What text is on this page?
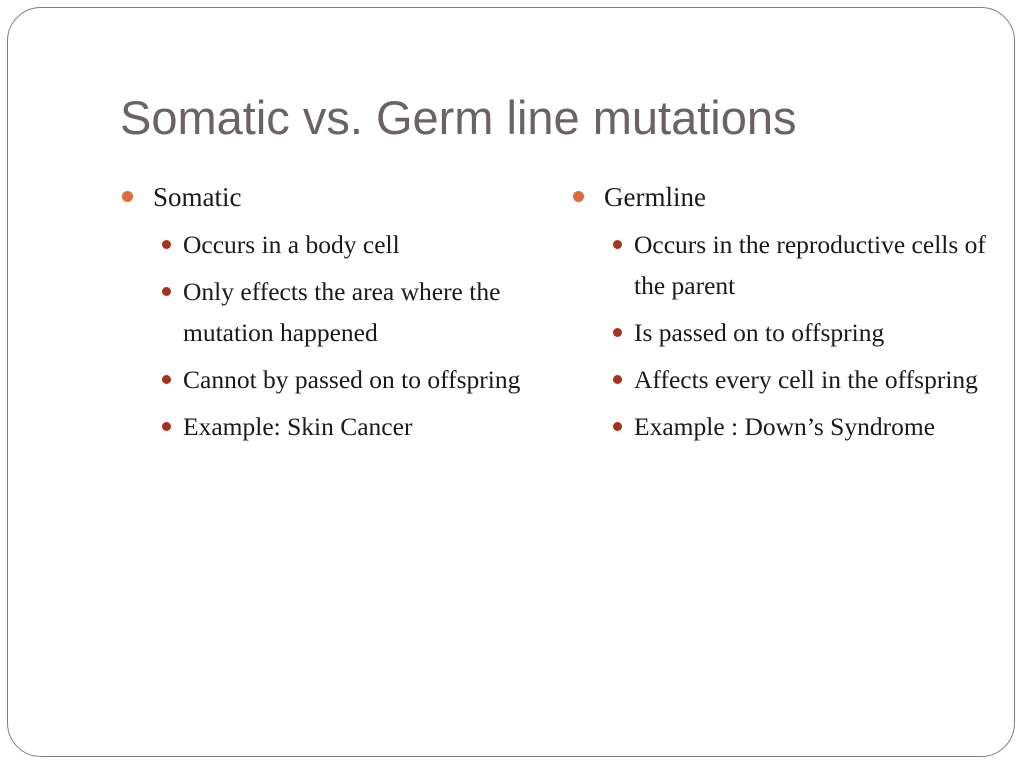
Somatic vs. Germ line mutations
Somatic
Occurs in a body cell
Only effects the area where the mutation happened
Cannot by passed on to offspring
Example: Skin Cancer
Germline
Occurs in the reproductive cells of the parent
Is passed on to offspring
Affects every cell in the offspring
Example : Down’s Syndrome
